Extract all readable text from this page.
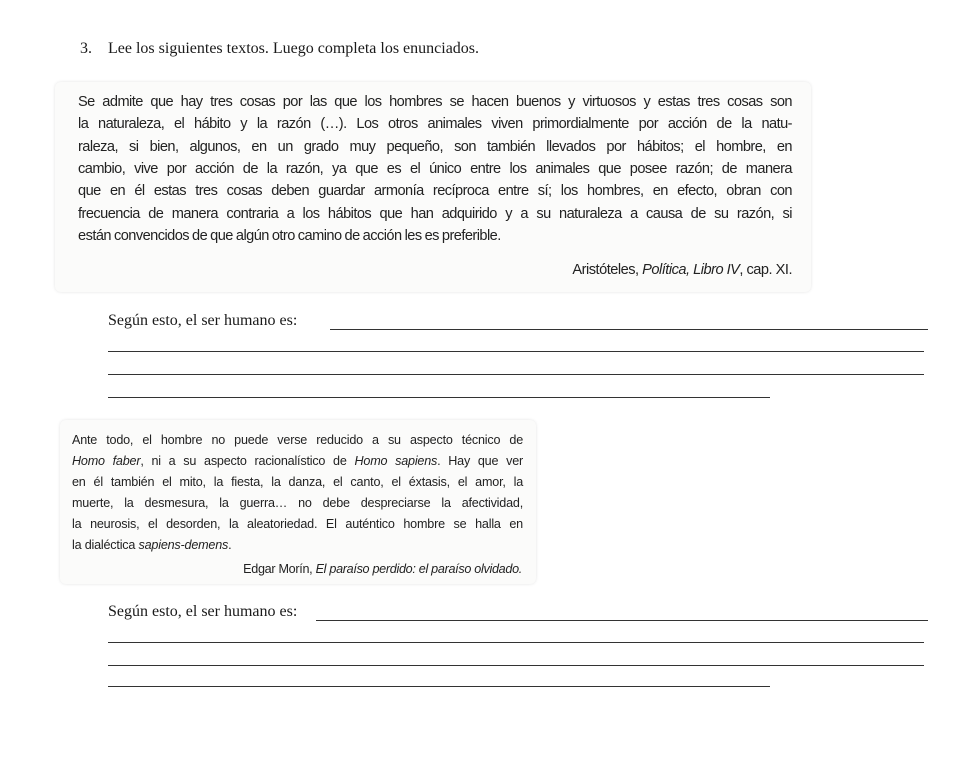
3. Lee los siguientes textos. Luego completa los enunciados.
Se admite que hay tres cosas por las que los hombres se hacen buenos y virtuosos y estas tres cosas son
la naturaleza, el hábito y la razón (…). Los otros animales viven primordialmente por acción de la natu-
raleza, si bien, algunos, en un grado muy pequeño, son también llevados por hábitos; el hombre, en
cambio, vive por acción de la razón, ya que es el único entre los animales que posee razón; de manera
que en él estas tres cosas deben guardar armonía recíproca entre sí; los hombres, en efecto, obran con
frecuencia de manera contraria a los hábitos que han adquirido y a su naturaleza a causa de su razón, si
están convencidos de que algún otro camino de acción les es preferible.
Aristóteles, Política, Libro IV, cap. XI.
Según esto, el ser humano es:
Ante todo, el hombre no puede verse reducido a su aspecto técnico de
Homo faber, ni a su aspecto racionalístico de Homo sapiens. Hay que ver
en él también el mito, la fiesta, la danza, el canto, el éxtasis, el amor, la
muerte, la desmesura, la guerra… no debe despreciarse la afectividad,
la neurosis, el desorden, la aleatoriedad. El auténtico hombre se halla en
la dialéctica sapiens-demens.
Edgar Morín, El paraíso perdido: el paraíso olvidado.
Según esto, el ser humano es:
